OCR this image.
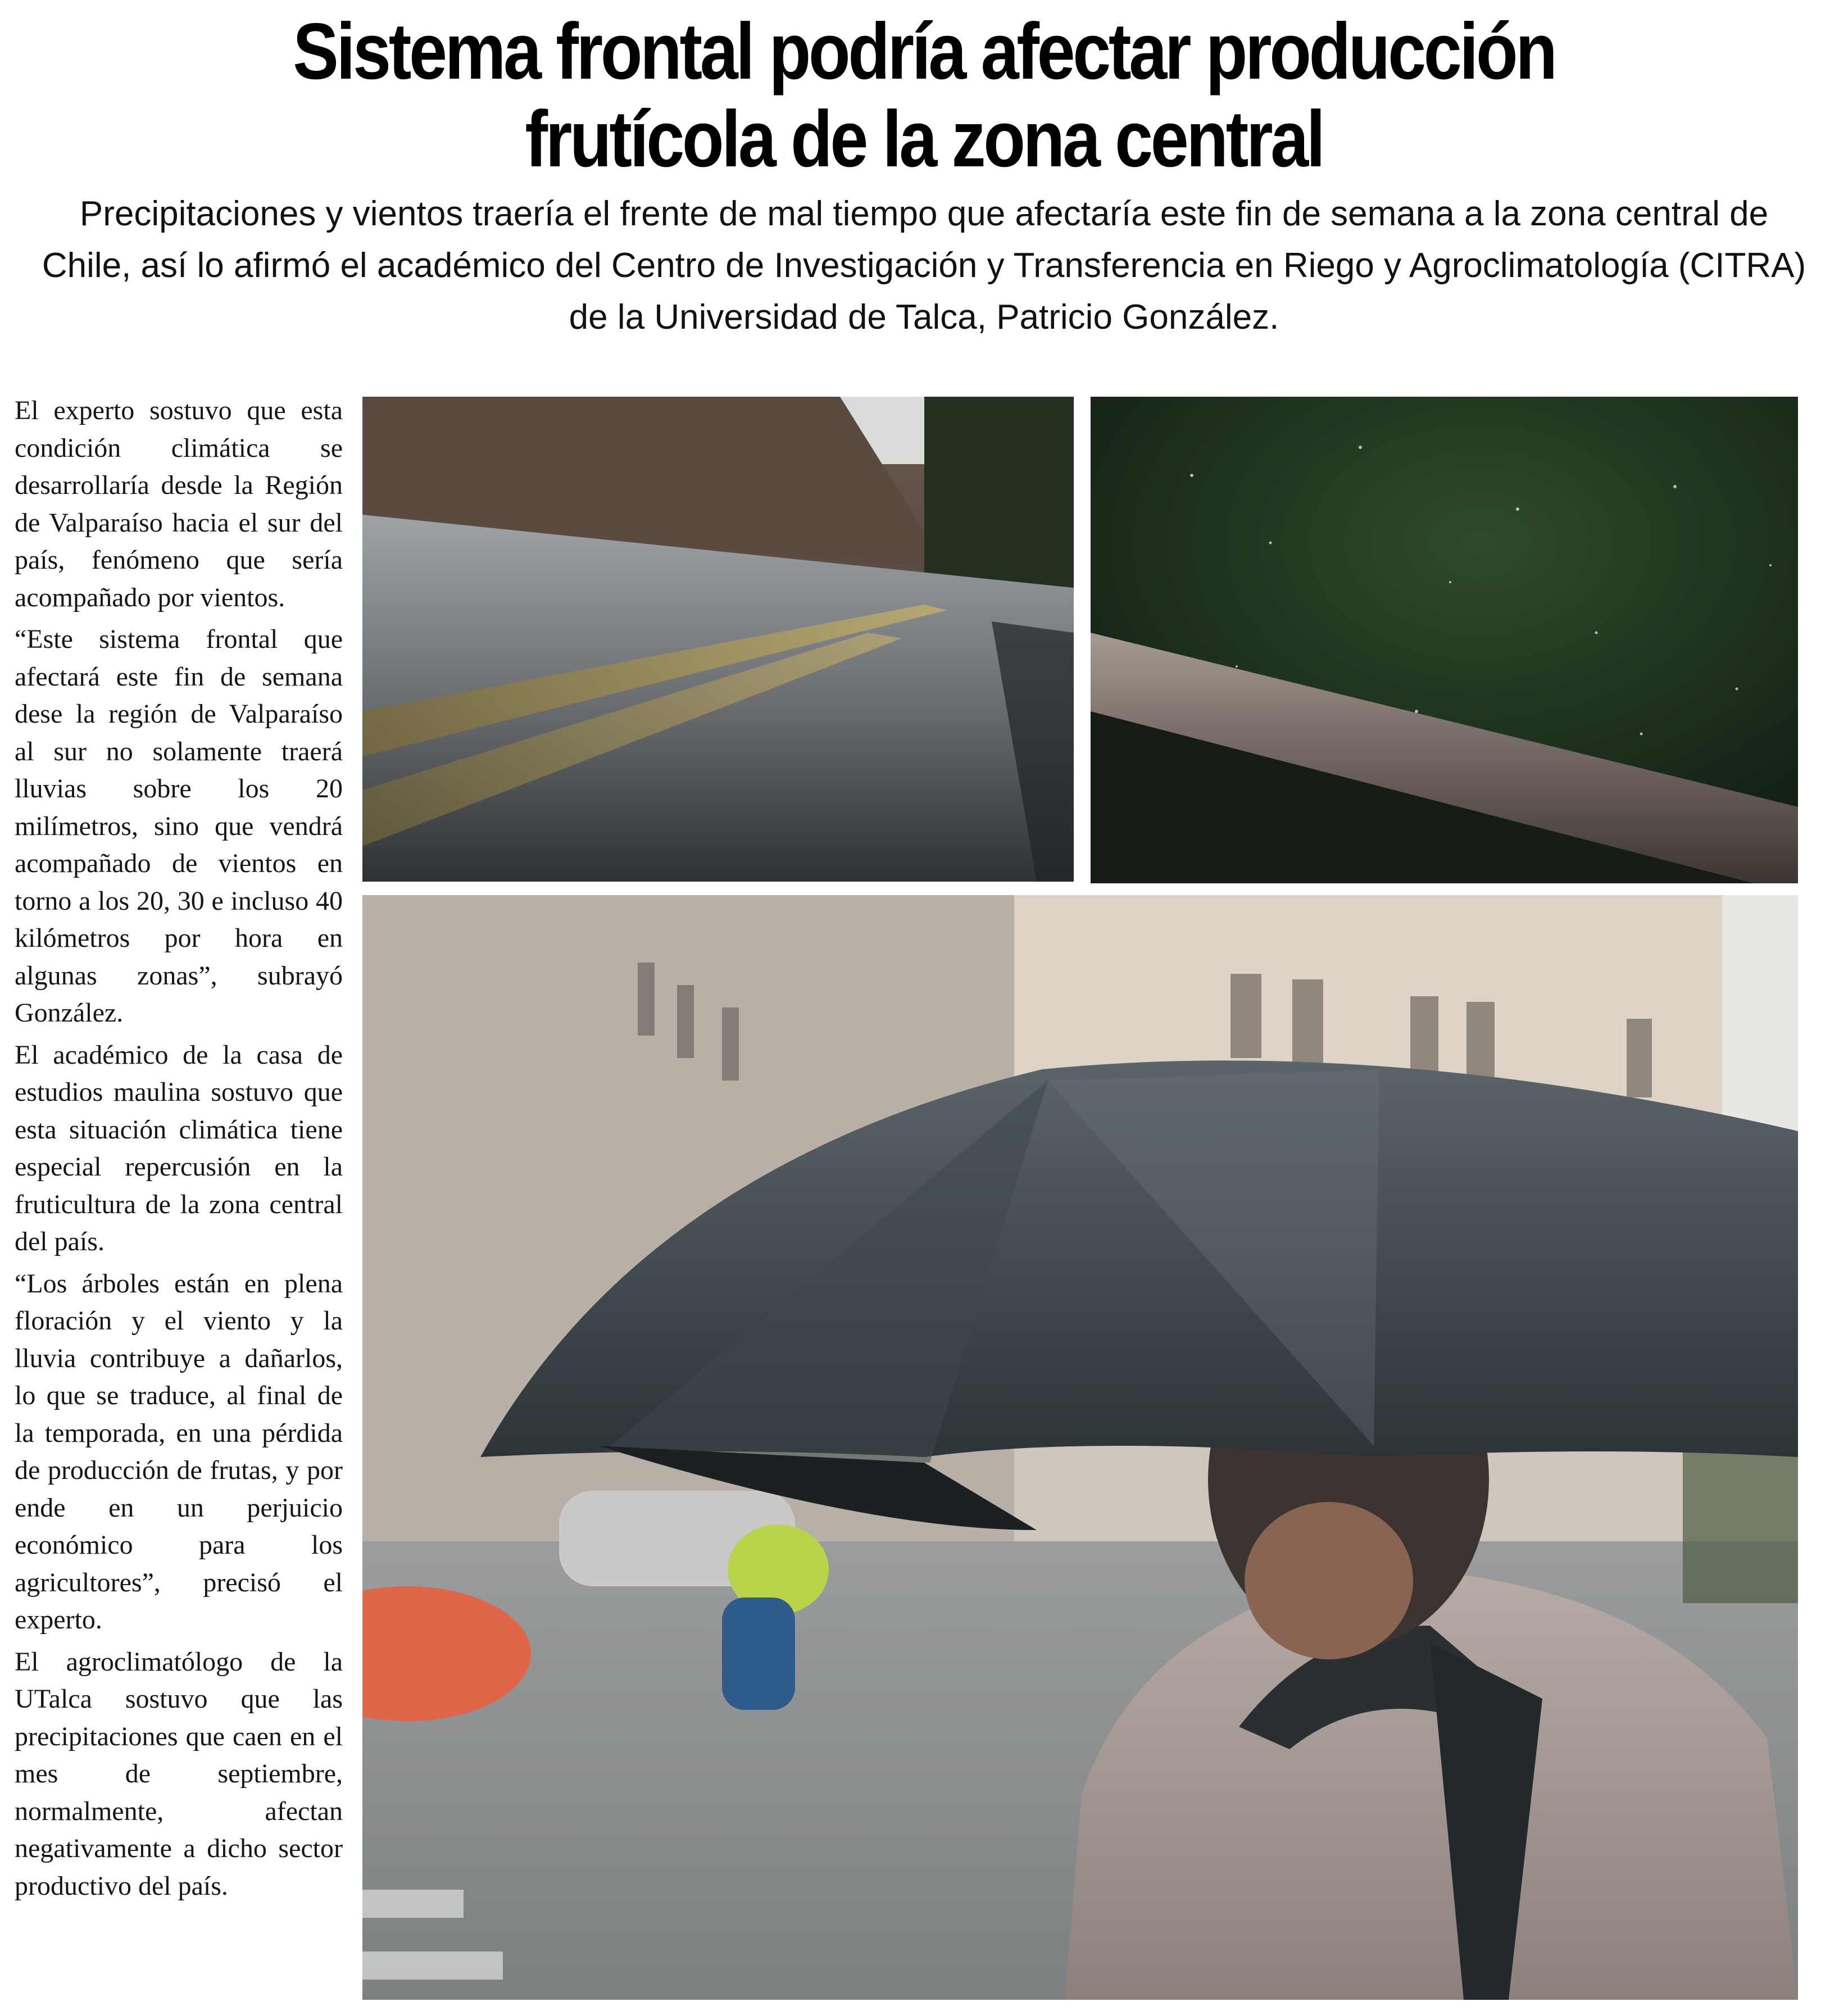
Sistema frontal podría afectar producción
frutícola de la zona central

Precipitaciones y vientos traería el frente de mal tiempo que afectaría este fin de semana a la zona central de Chile, así lo afirmó el académico del Centro de Investigación y Transferencia en Riego y Agroclimatología (CITRA) de la Universidad de Talca, Patricio González.

El experto sostuvo que esta condición climática se desarrollaría desde la Región de Valparaíso hacia el sur del país, fenómeno que sería acompañado por vientos.

“Este sistema frontal que afectará este fin de semana dese la región de Valparaíso al sur no solamente traerá lluvias sobre los 20 milímetros, sino que vendrá acompañado de vientos en torno a los 20, 30 e incluso 40 kilómetros por hora en algunas zonas”, subrayó González.

El académico de la casa de estudios maulina sostuvo que esta situación climática tiene especial repercusión en la fruticultura de la zona central del país.

“Los árboles están en plena floración y el viento y la lluvia contribuye a dañarlos, lo que se traduce, al final de la temporada, en una pérdida de producción de frutas, y por ende en un perjuicio económico para los agricultores”, precisó el experto.

El agroclimatólogo de la UTalca sostuvo que las precipitaciones que caen en el mes de septiembre, normalmente, afectan negativamente a dicho sector productivo del país.
